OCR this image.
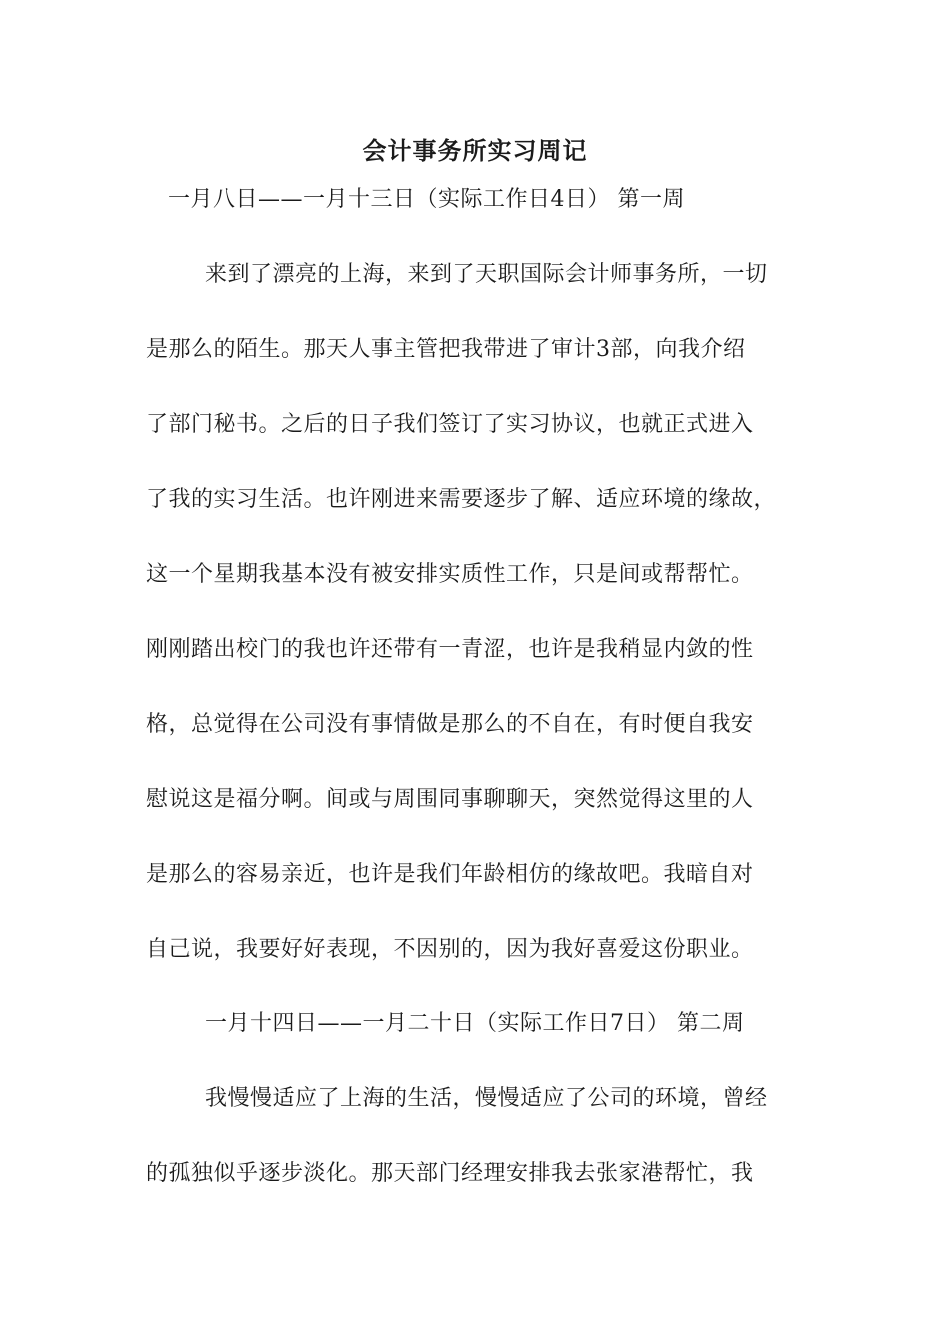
会计事务所实习周记
一月八日——一月十三日（实际工作日4日） 第一周
来到了漂亮的上海，来到了天职国际会计师事务所，一切
是那么的陌生。那天人事主管把我带进了审计3部，向我介绍
了部门秘书。之后的日子我们签订了实习协议，也就正式进入
了我的实习生活。也许刚进来需要逐步了解、适应环境的缘故，
这一个星期我基本没有被安排实质性工作，只是间或帮帮忙。
刚刚踏出校门的我也许还带有一青涩，也许是我稍显内敛的性
格，总觉得在公司没有事情做是那么的不自在，有时便自我安
慰说这是福分啊。间或与周围同事聊聊天，突然觉得这里的人
是那么的容易亲近，也许是我们年龄相仿的缘故吧。我暗自对
自己说，我要好好表现，不因别的，因为我好喜爱这份职业。
一月十四日——一月二十日（实际工作日7日） 第二周
我慢慢适应了上海的生活，慢慢适应了公司的环境，曾经
的孤独似乎逐步淡化。那天部门经理安排我去张家港帮忙，我
